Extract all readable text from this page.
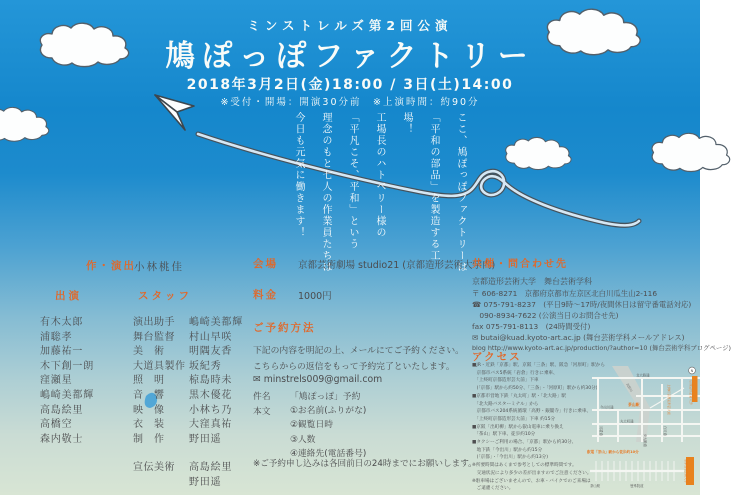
ミンストレルズ第2回公演
鳩ぽっぽファクトリー
2018年3月2日(金)18:00 / 3日(土)14:00
※受付・開場：開演30分前　※上演時間：約90分
ここ、鳩ぽっぽファクトリーは
「平和の部品」を製造する工場！
工場長のハトベリー様の
「平凡こそ、平和」という
理念のもと七人の作業員たちは
今日も元気に働きます！
作・演出
小林桃佳
出演
有木太郎
浦聡孝
加藤祐一
木下創一朗
窪瀬星
嶋崎美都輝
高島絵里
高橋空
森内敬士
スタッフ
演出助手	嶋崎美都輝
舞台監督	村山早咲
美　術	明隅友香
大道具製作 坂紀秀
照　明	椋島時未
音　響	黒木優花
映　像	小林ち乃
衣　装	大窪真祐
制　作	野田遥
宣伝美術	高島絵里
野田遥
会場 京都芸術劇場 studio21 (京都造形芸術大学内)
料金 1000円
ご予約方法
下記の内容を明記の上、メールにてご予約ください。
こちらからの返信をもって予約完了といたします。
✉ minstrels009@gmail.com
件名 「鳩ぽっぽ」予約
本文 ①お名前(ふりがな)
②観覧日時
③人数
④連絡先(電話番号)
※ご予約申し込みは各回前日の24時までにお願いします。
共催・問合わせ先
京都造形芸術大学　舞台芸術学科
〒 606-8271　京都府京都市左京区北白川瓜生山2-116
☎ 075-791-8237　(平日9時〜17時/夜間休日は留守番電話対応)
　090-8934-7622 (公演当日のお問合せ先)
fax 075-791-8113　(24時間受付)
✉ butai@kuad.kyoto-art.ac.jp (舞台芸術学科メールアドレス)
blog http://www.kyoto-art.ac.jp/production/?author=10 (舞台芸術学科ブログページ)
アクセス
■JR・近鉄「京都」駅、京阪「三条」駅、阪急「河原町」駅から
　京都市バス5系統「岩倉」行きに乗車、
　「上終町京都造形芸大前」下車
　(「京都」駅から約50分、「三条」・「河原町」駅から約30分)
■京都市営地下鉄「丸太町」駅・「北大路」駅
　「北大路バスターミナル」から
　京都市バス204系統循環「高野・銀閣寺」行きに乗車、
　「上終町京都造形芸大前」下車 約15分
■京阪「出町柳」駅から叡山電車に乗り換え
　「茶山」駅下車、徒歩約10分
■タクシーご利用の場合、「京都」駅から約30分、
　地下鉄「今出川」駅から約15分
　(「京都」・「今出川」駅から約13分)
※所要時間はあくまで参考としての標準時間です。
　交通状況により多少の差が出ますのでご注意ください。
※駐車場はございませんので、お車・バイクでのご来場は
　ご遠慮ください。
N
北大路通
今出川通
丸太町通
東大路通
白川通
川端通
高野川
茶山駅	上終町京都造形芸大前	京都造形芸術大学
叡電「茶山」駅から徒歩約10分
茶山駅	曼殊院道
京都造形芸術大学
